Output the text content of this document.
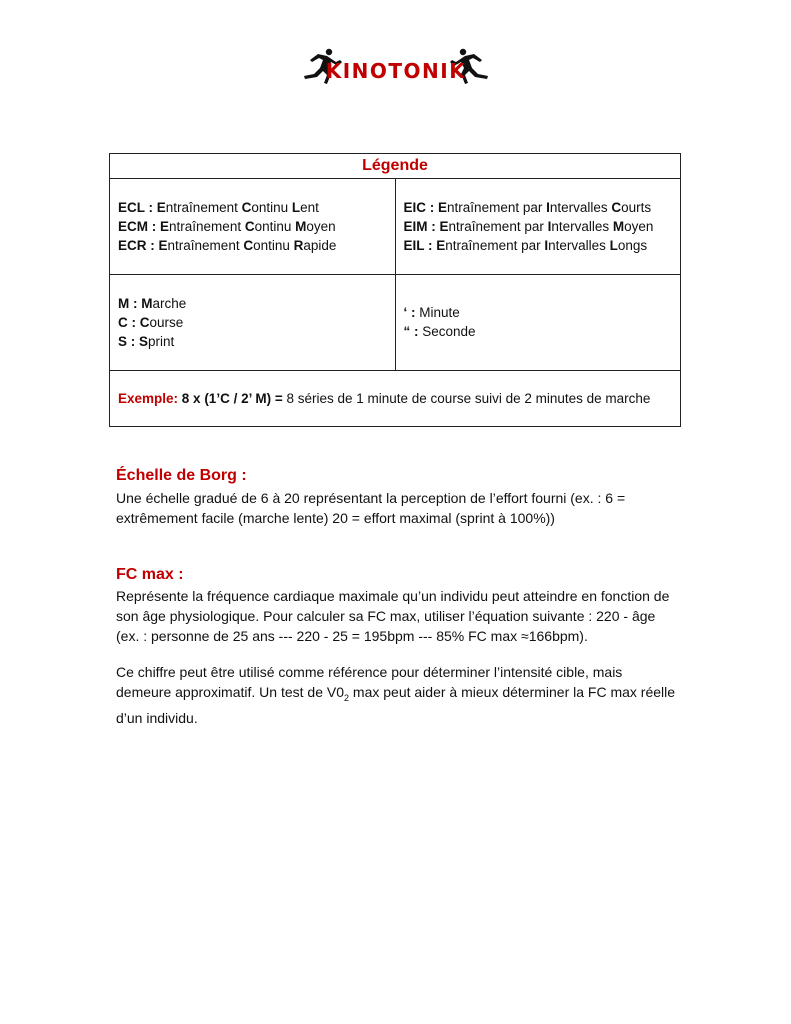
KINOTONIK
Légende
ECL : Entraînement Continu Lent
ECM : Entraînement Continu Moyen
ECR : Entraînement Continu Rapide
EIC : Entraînement par Intervalles Courts
EIM : Entraînement par Intervalles Moyen
EIL : Entraînement par Intervalles Longs
M : Marche
C : Course
S : Sprint
‘ : Minute
“ : Seconde
Exemple: 8 x (1’C / 2’ M) = 8 séries de 1 minute de course suivi de 2 minutes de marche
Échelle de Borg :
Une échelle gradué de 6 à 20 représentant la perception de l’effort fourni (ex. : 6 = extrêmement facile (marche lente) 20 = effort maximal (sprint à 100%))
FC max :
Représente la fréquence cardiaque maximale qu’un individu peut atteindre en fonction de son âge physiologique. Pour calculer sa FC max, utiliser l’équation suivante : 220 - âge (ex. : personne de 25 ans --- 220 - 25 = 195bpm --- 85% FC max ≈166bpm).
Ce chiffre peut être utilisé comme référence pour déterminer l’intensité cible, mais demeure approximatif. Un test de $V0_2$ max peut aider à mieux déterminer la FC max réelle d’un individu.
